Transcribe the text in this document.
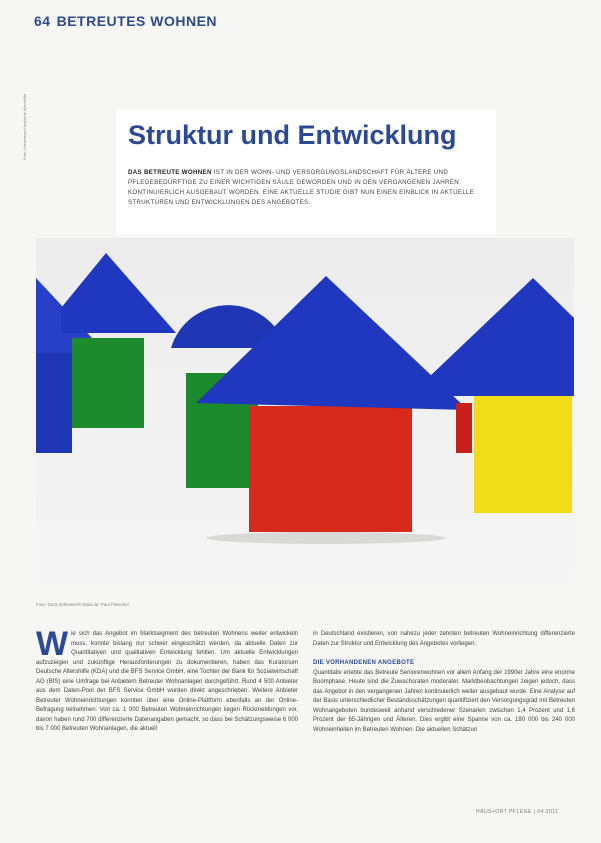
64 BETREUTES WOHNEN
Foto: Kuratorium Deutsche Altershilfe	Struktur und Entwicklung
DAS BETREUTE WOHNEN IST IN DER WOHN- UND VERSORGUNGSLANDSCHAFT FÜR ÄLTERE UND PFLEGEBEDÜRFTIGE ZU EINER WICHTIGEN SÄULE GEWORDEN UND IN DEN VERGANGENEN JAHREN KONTINUIERLICH AUSGEBAUT WORDEN. EINE AKTUELLE STUDIE GIBT NUN EINEN EINBLICK IN AKTUELLE STRUKTUREN UND ENTWICKLUNGEN DES ANGEBOTES.
Foto: Dora Zetlmeier/Fotolia.de; Paul Fleischer
W ie sich das Angebot im Marktsegment des betreuten Wohnens weiter entwickeln muss, konnte bislang nur schwer eingeschätzt werden, da aktuelle Daten zur Quantitativen und qualitativen Entwicklung fehlten. Um aktuelle Entwicklungen aufzuzeigen und zukünftige Herausforderungen zu dokumentieren, haben das Kuratorium Deutsche Altershilfe (KDA) und die BFS Service GmbH, eine Tochter der Bank für Sozialwirtschaft AG (BfS) eine Umfrage bei Anbietern Betreuter Wohnanlagen durchgeführt. Rund 4 500 Anbieter aus dem Daten-Pool der BFS Service GmbH wurden direkt angeschrieben. Weitere Anbieter Betreuter Wohneinrichtungen konnten über eine Online-Plattform ebenfalls an der Online-Befragung teilnehmen. Von ca. 1 000 Betreuten Wohneinrichtungen liegen Rückmeldungen vor, davon haben rund 700 differenzierte Datenangaben gemacht, so dass bei Schätzungsweise 6 000 bis 7 000 Betreuten Wohnanlagen, die aktuell
in Deutschland existieren, von nahezu jeder zehnten betreuten Wohneinrichtung differenzierte Daten zur Struktur und Entwicklung des Angebotes vorliegen.
DIE VORHANDENEN ANGEBOTE
Quantitativ erlebte das Betreute Seniorenwohnen vor allem Anfang der 1990er Jahre eine enorme Boomphase. Heute sind die Zuwachsraten moderater. Marktbeobachtungen zeigen jedoch, dass das Angebot in den vergangenen Jahren kontinuierlich weiter ausgebaut wurde. Eine Analyse auf der Basis unterschiedlicher Bestandsschätzungen quantifiziert den Versorgungsgrad mit Betreuten Wohnangeboten bundesweit anhand verschiedener Szenarien zwischen 1,4 Prozent und 1,6 Prozent der 65-Jährigen und Älteren. Dies ergibt eine Spanne von ca. 180 000 bis 240 000 Wohneinheiten im Betreuten Wohnen. Die aktuellen Schätzun
HAUS+ORT PFLEGE | 04.2011
